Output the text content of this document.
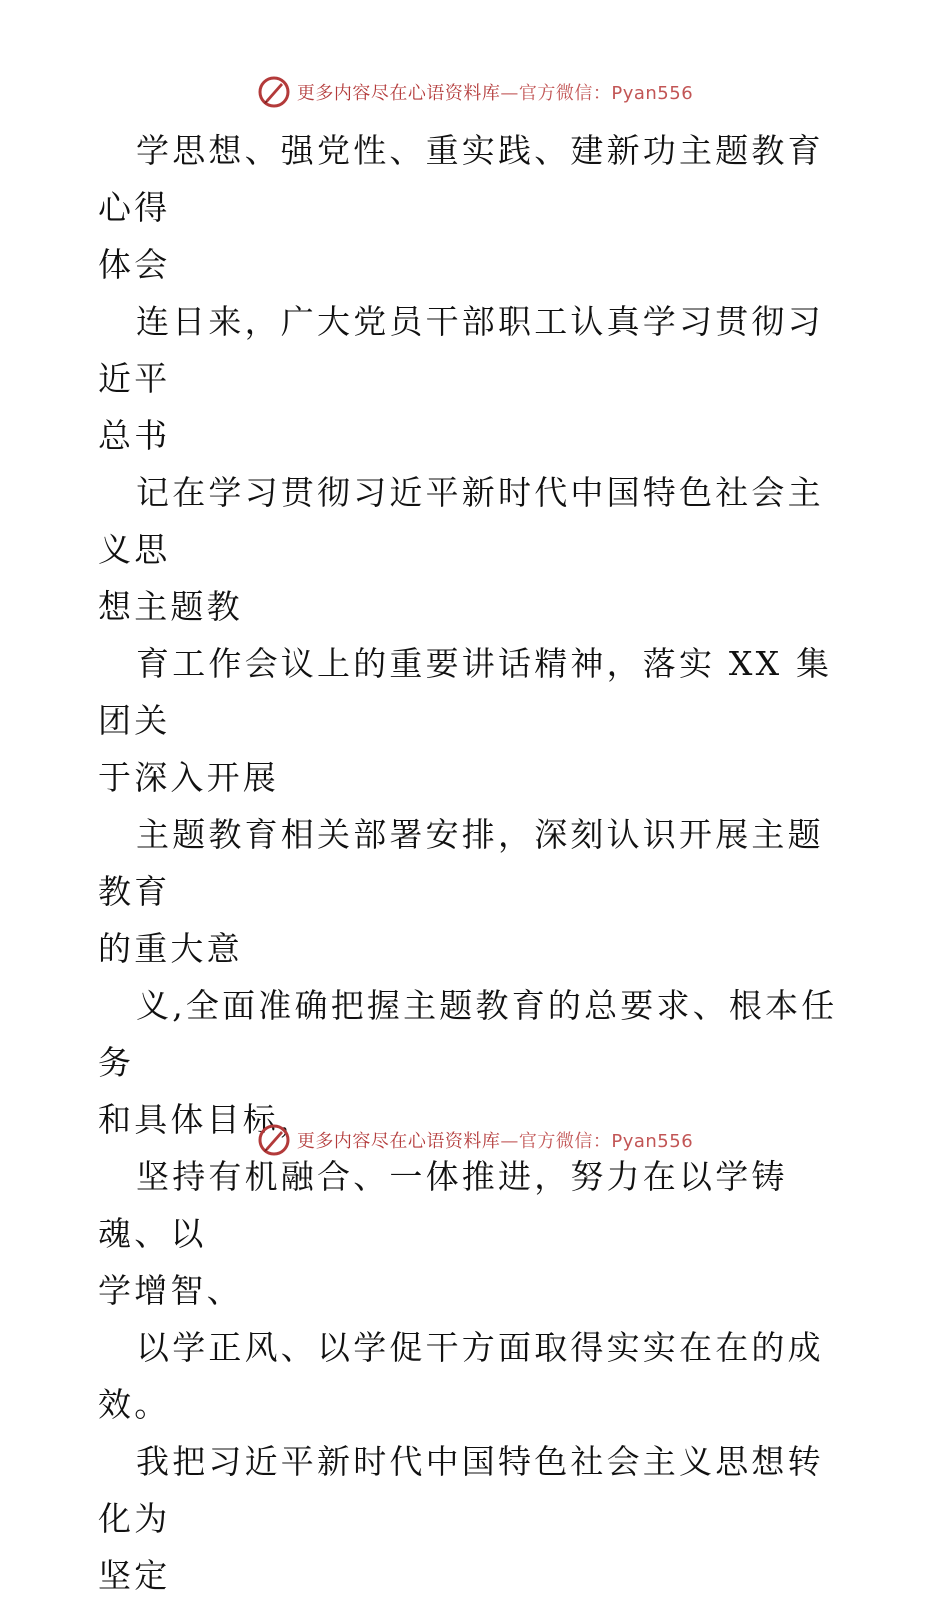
更多内容尽在心语资料库—官方微信：Pyan556

学思想、强党性、重实践、建新功主题教育心得

体会

连日来，广大党员干部职工认真学习贯彻习近平

总书

记在学习贯彻习近平新时代中国特色社会主义思

想主题教

育工作会议上的重要讲话精神，落实 XX 集团关

于深入开展

主题教育相关部署安排，深刻认识开展主题教育

的重大意

义,全面准确把握主题教育的总要求、根本任务

和具体目标，

坚持有机融合、一体推进，努力在以学铸魂、以

学增智、

以学正风、以学促干方面取得实实在在的成效。

我把习近平新时代中国特色社会主义思想转化为

坚定

更多内容尽在心语资料库—官方微信：Pyan556
